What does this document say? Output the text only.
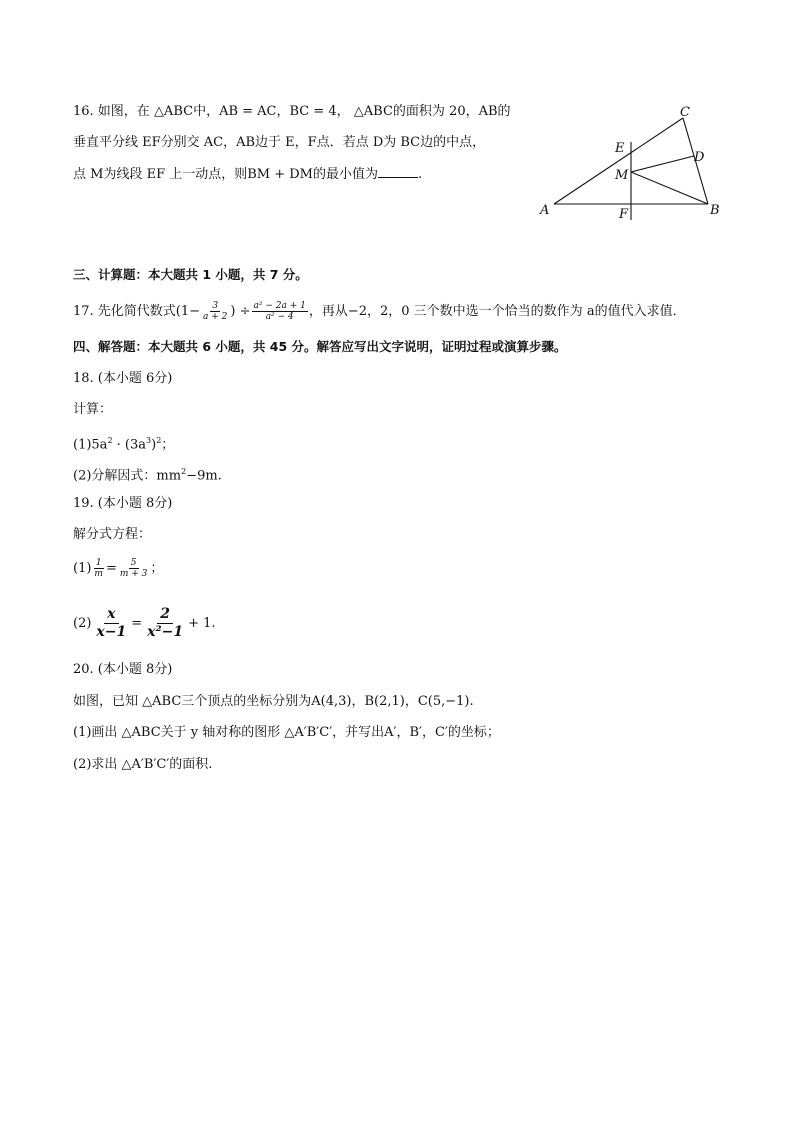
16. 如图，在 △ABC中，AB = AC，BC = 4， △ABC的面积为 20，AB的
垂直平分线 EF分别交 AC，AB边于 E，F点．若点 D为 BC边的中点，
点 M为线段 EF 上一动点，则BM + DM的最小值为	.
A	B
C
D
E
F
M
三、计算题：本大题共 1 小题，共 7 分。
17. 先化简代数式($1- \frac{3}{a + 2}$ ) ÷ $\frac{\text{a² − 2a + 1}}{\text{a² − 4}}$ ，再从−2，2，0 三个数中选一个恰当的数作为 a的值代入求值．
四、解答题：本大题共 6 小题，共 45 分。解答应写出文字说明，证明过程或演算步骤。
18. (本小题 6分)
计算：
$(1)5a^2 \cdot (3a^3)^2$；
(2)分解因式：$mm^2-9m$.
19. (本小题 8分)
解分式方程：
$(1) \frac{1}{m} = \frac{5}{m + 3}$ ；
$(2) \frac{x}{x-1} = \frac{2}{\text{x²−1}} + 1$.
20. (本小题 8分)
如图，已知 △ABC三个顶点的坐标分别为A(4,3)，B(2,1)，C(5,−1).
(1)画出 △ABC关于 y 轴对称的图形 △A′B′C′，并写出A′，B′，C′的坐标；
(2)求出 △A′B′C′的面积.
